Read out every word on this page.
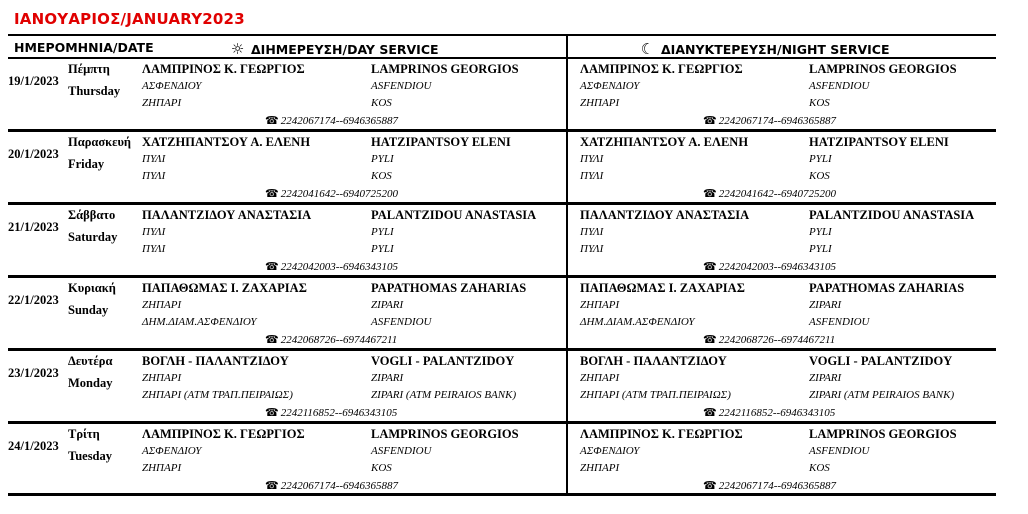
ΙΑΝΟΥΑΡΙΟΣ/JANUARY2023
ΗΜΕΡΟΜΗΝΙΑ/DATE	☼ ΔΙΗΜΕΡΕΥΣΗ/DAY SERVICE	☾ ΔΙΑΝΥΚΤΕΡΕΥΣΗ/NIGHT SERVICE
19/1/2023
Πέμπτη
Thursday
ΛΑΜΠΡΙΝΟΣ Κ. ΓΕΩΡΓΙΟΣ	LAMPRINOS GEORGIOS
ΑΣΦΕΝΔΙΟΥ	ASFENDIOU
ΖΗΠΑΡΙ	KOS
☎ 2242067174--6946365887
ΛΑΜΠΡΙΝΟΣ Κ. ΓΕΩΡΓΙΟΣ	LAMPRINOS GEORGIOS
ΑΣΦΕΝΔΙΟΥ	ASFENDIOU
ΖΗΠΑΡΙ	KOS
☎ 2242067174--6946365887
20/1/2023
Παρασκευή
Friday
ΧΑΤΖΗΠΑΝΤΣΟΥ Α. ΕΛΕΝΗ	HATZIPANTSOY ELENI
ΠΥΛΙ	PYLI
ΠΥΛΙ	KOS
☎ 2242041642--6940725200
ΧΑΤΖΗΠΑΝΤΣΟΥ Α. ΕΛΕΝΗ	HATZIPANTSOY ELENI
ΠΥΛΙ	PYLI
ΠΥΛΙ	KOS
☎ 2242041642--6940725200
21/1/2023
Σάββατο
Saturday
ΠΑΛΑΝΤΖΙΔΟΥ ΑΝΑΣΤΑΣΙΑ	PALANTZIDOU ANASTASIA
ΠΥΛΙ	PYLI
ΠΥΛΙ	PYLI
☎ 2242042003--6946343105
ΠΑΛΑΝΤΖΙΔΟΥ ΑΝΑΣΤΑΣΙΑ	PALANTZIDOU ANASTASIA
ΠΥΛΙ	PYLI
ΠΥΛΙ	PYLI
☎ 2242042003--6946343105
22/1/2023
Κυριακή
Sunday
ΠΑΠΑΘΩΜΑΣ Ι. ΖΑΧΑΡΙΑΣ	PAPATHOMAS ZAHARIAS
ΖΗΠΑΡΙ	ZIPARI
ΔΗΜ.ΔΙΑΜ.ΑΣΦΕΝΔΙΟΥ	ASFENDIOU
☎ 2242068726--6974467211
ΠΑΠΑΘΩΜΑΣ Ι. ΖΑΧΑΡΙΑΣ	PAPATHOMAS ZAHARIAS
ΖΗΠΑΡΙ	ZIPARI
ΔΗΜ.ΔΙΑΜ.ΑΣΦΕΝΔΙΟΥ	ASFENDIOU
☎ 2242068726--6974467211
23/1/2023
Δευτέρα
Monday
ΒΟΓΛΗ - ΠΑΛΑΝΤΖΙΔΟΥ	VOGLI - PALANTZIDOY
ΖΗΠΑΡΙ	ZIPARI
ΖΗΠΑΡΙ (ΑΤΜ ΤΡΑΠ.ΠΕΙΡΑΙΩΣ)	ZIPARI (ATM PEIRAIOS BANK)
☎ 2242116852--6946343105
ΒΟΓΛΗ - ΠΑΛΑΝΤΖΙΔΟΥ	VOGLI - PALANTZIDOY
ΖΗΠΑΡΙ	ZIPARI
ΖΗΠΑΡΙ (ΑΤΜ ΤΡΑΠ.ΠΕΙΡΑΙΩΣ)	ZIPARI (ATM PEIRAIOS BANK)
☎ 2242116852--6946343105
24/1/2023
Τρίτη
Tuesday
ΛΑΜΠΡΙΝΟΣ Κ. ΓΕΩΡΓΙΟΣ	LAMPRINOS GEORGIOS
ΑΣΦΕΝΔΙΟΥ	ASFENDIOU
ΖΗΠΑΡΙ	KOS
☎ 2242067174--6946365887
ΛΑΜΠΡΙΝΟΣ Κ. ΓΕΩΡΓΙΟΣ	LAMPRINOS GEORGIOS
ΑΣΦΕΝΔΙΟΥ	ASFENDIOU
ΖΗΠΑΡΙ	KOS
☎ 2242067174--6946365887
